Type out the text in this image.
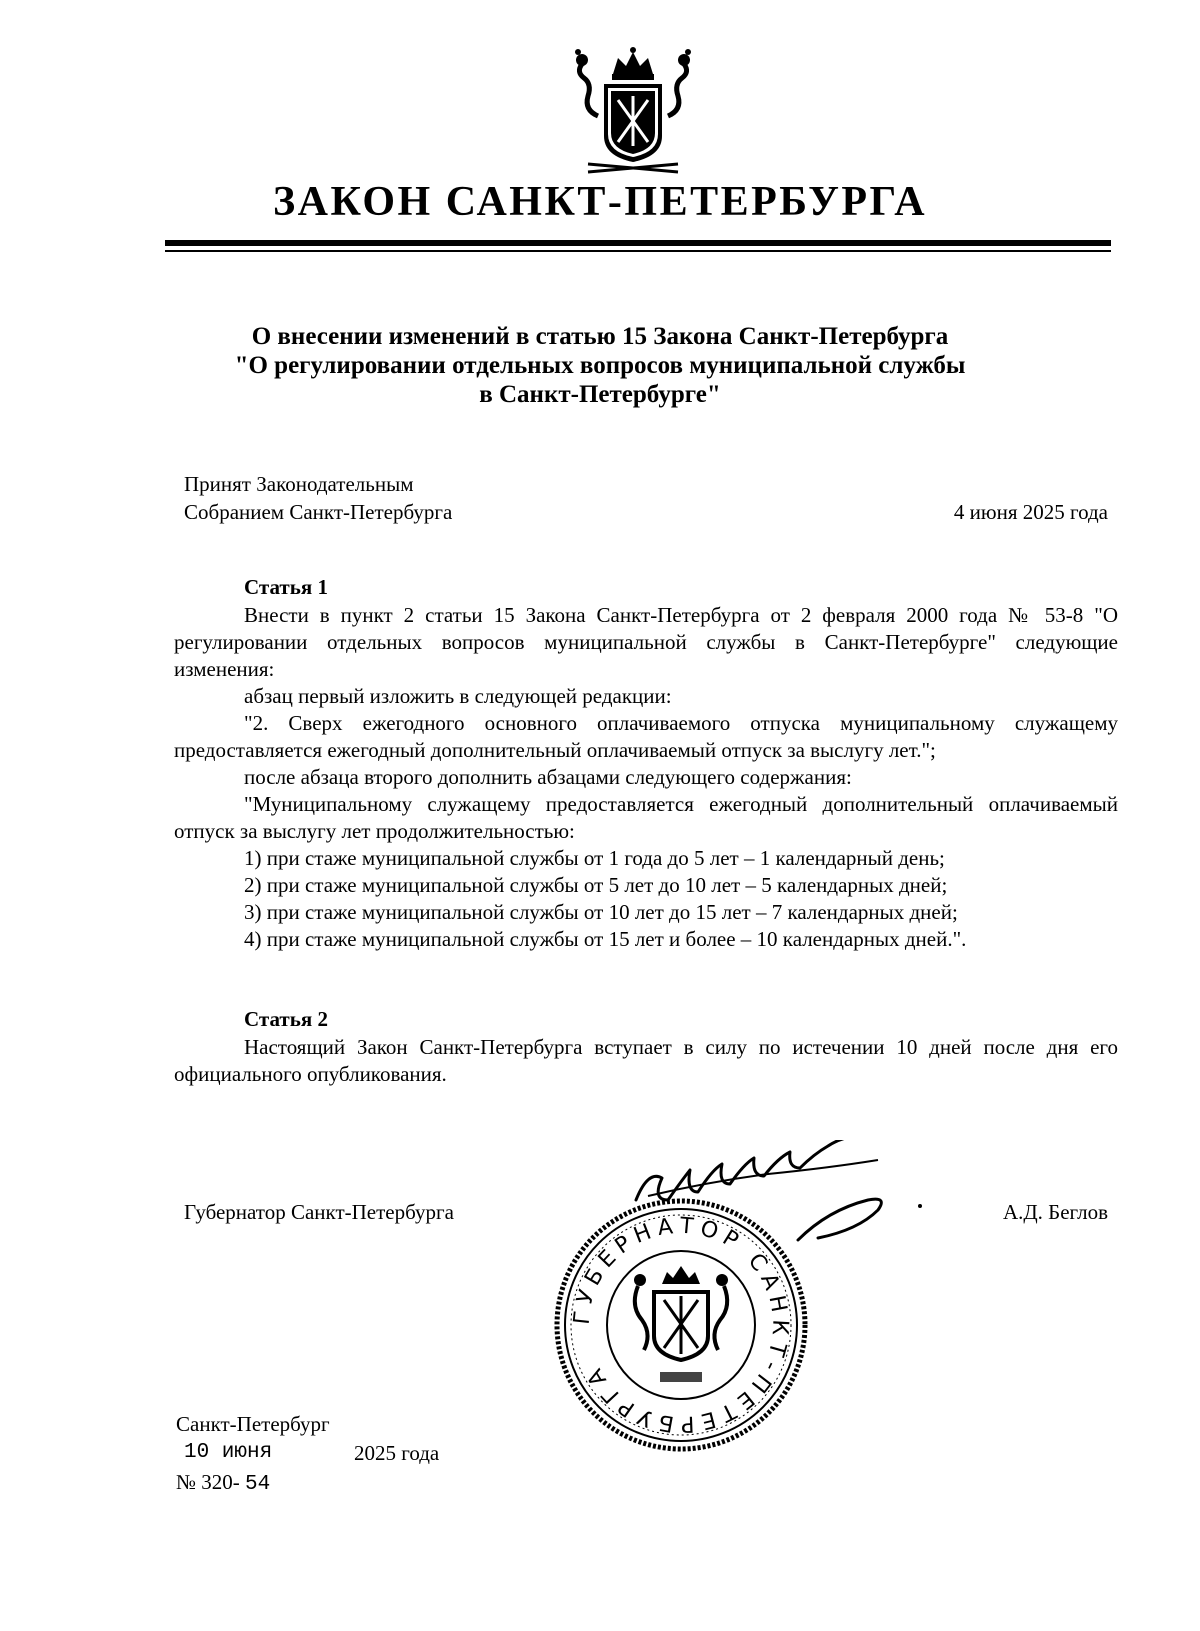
ЗАКОН САНКТ-ПЕТЕРБУРГА
О внесении изменений в статью 15 Закона Санкт-Петербурга
"О регулировании отдельных вопросов муниципальной службы
в Санкт-Петербурге"
Принят Законодательным
Собранием Санкт-Петербурга	4 июня 2025 года
Статья 1

Внести в пункт 2 статьи 15 Закона Санкт-Петербурга от 2 февраля 2000 года № 53-8 "О регулировании отдельных вопросов муниципальной службы в Санкт-Петербурге" следующие изменения:

абзац первый изложить в следующей редакции:

"2. Сверх ежегодного основного оплачиваемого отпуска муниципальному служащему предоставляется ежегодный дополнительный оплачиваемый отпуск за выслугу лет.";

после абзаца второго дополнить абзацами следующего содержания:

"Муниципальному служащему предоставляется ежегодный дополнительный оплачиваемый отпуск за выслугу лет продолжительностью:

1) при стаже муниципальной службы от 1 года до 5 лет – 1 календарный день;

2) при стаже муниципальной службы от 5 лет до 10 лет – 5 календарных дней;

3) при стаже муниципальной службы от 10 лет до 15 лет – 7 календарных дней;

4) при стаже муниципальной службы от 15 лет и более – 10 календарных дней.".

Статья 2

Настоящий Закон Санкт-Петербурга вступает в силу по истечении 10 дней после дня его официального опубликования.

Губернатор Санкт-Петербурга	А.Д. Беглов
ГУБЕРНАТОР САНКТ-ПЕТЕРБУРГА
Санкт-Петербург
10 июня	2025 года
№ 320- 54
